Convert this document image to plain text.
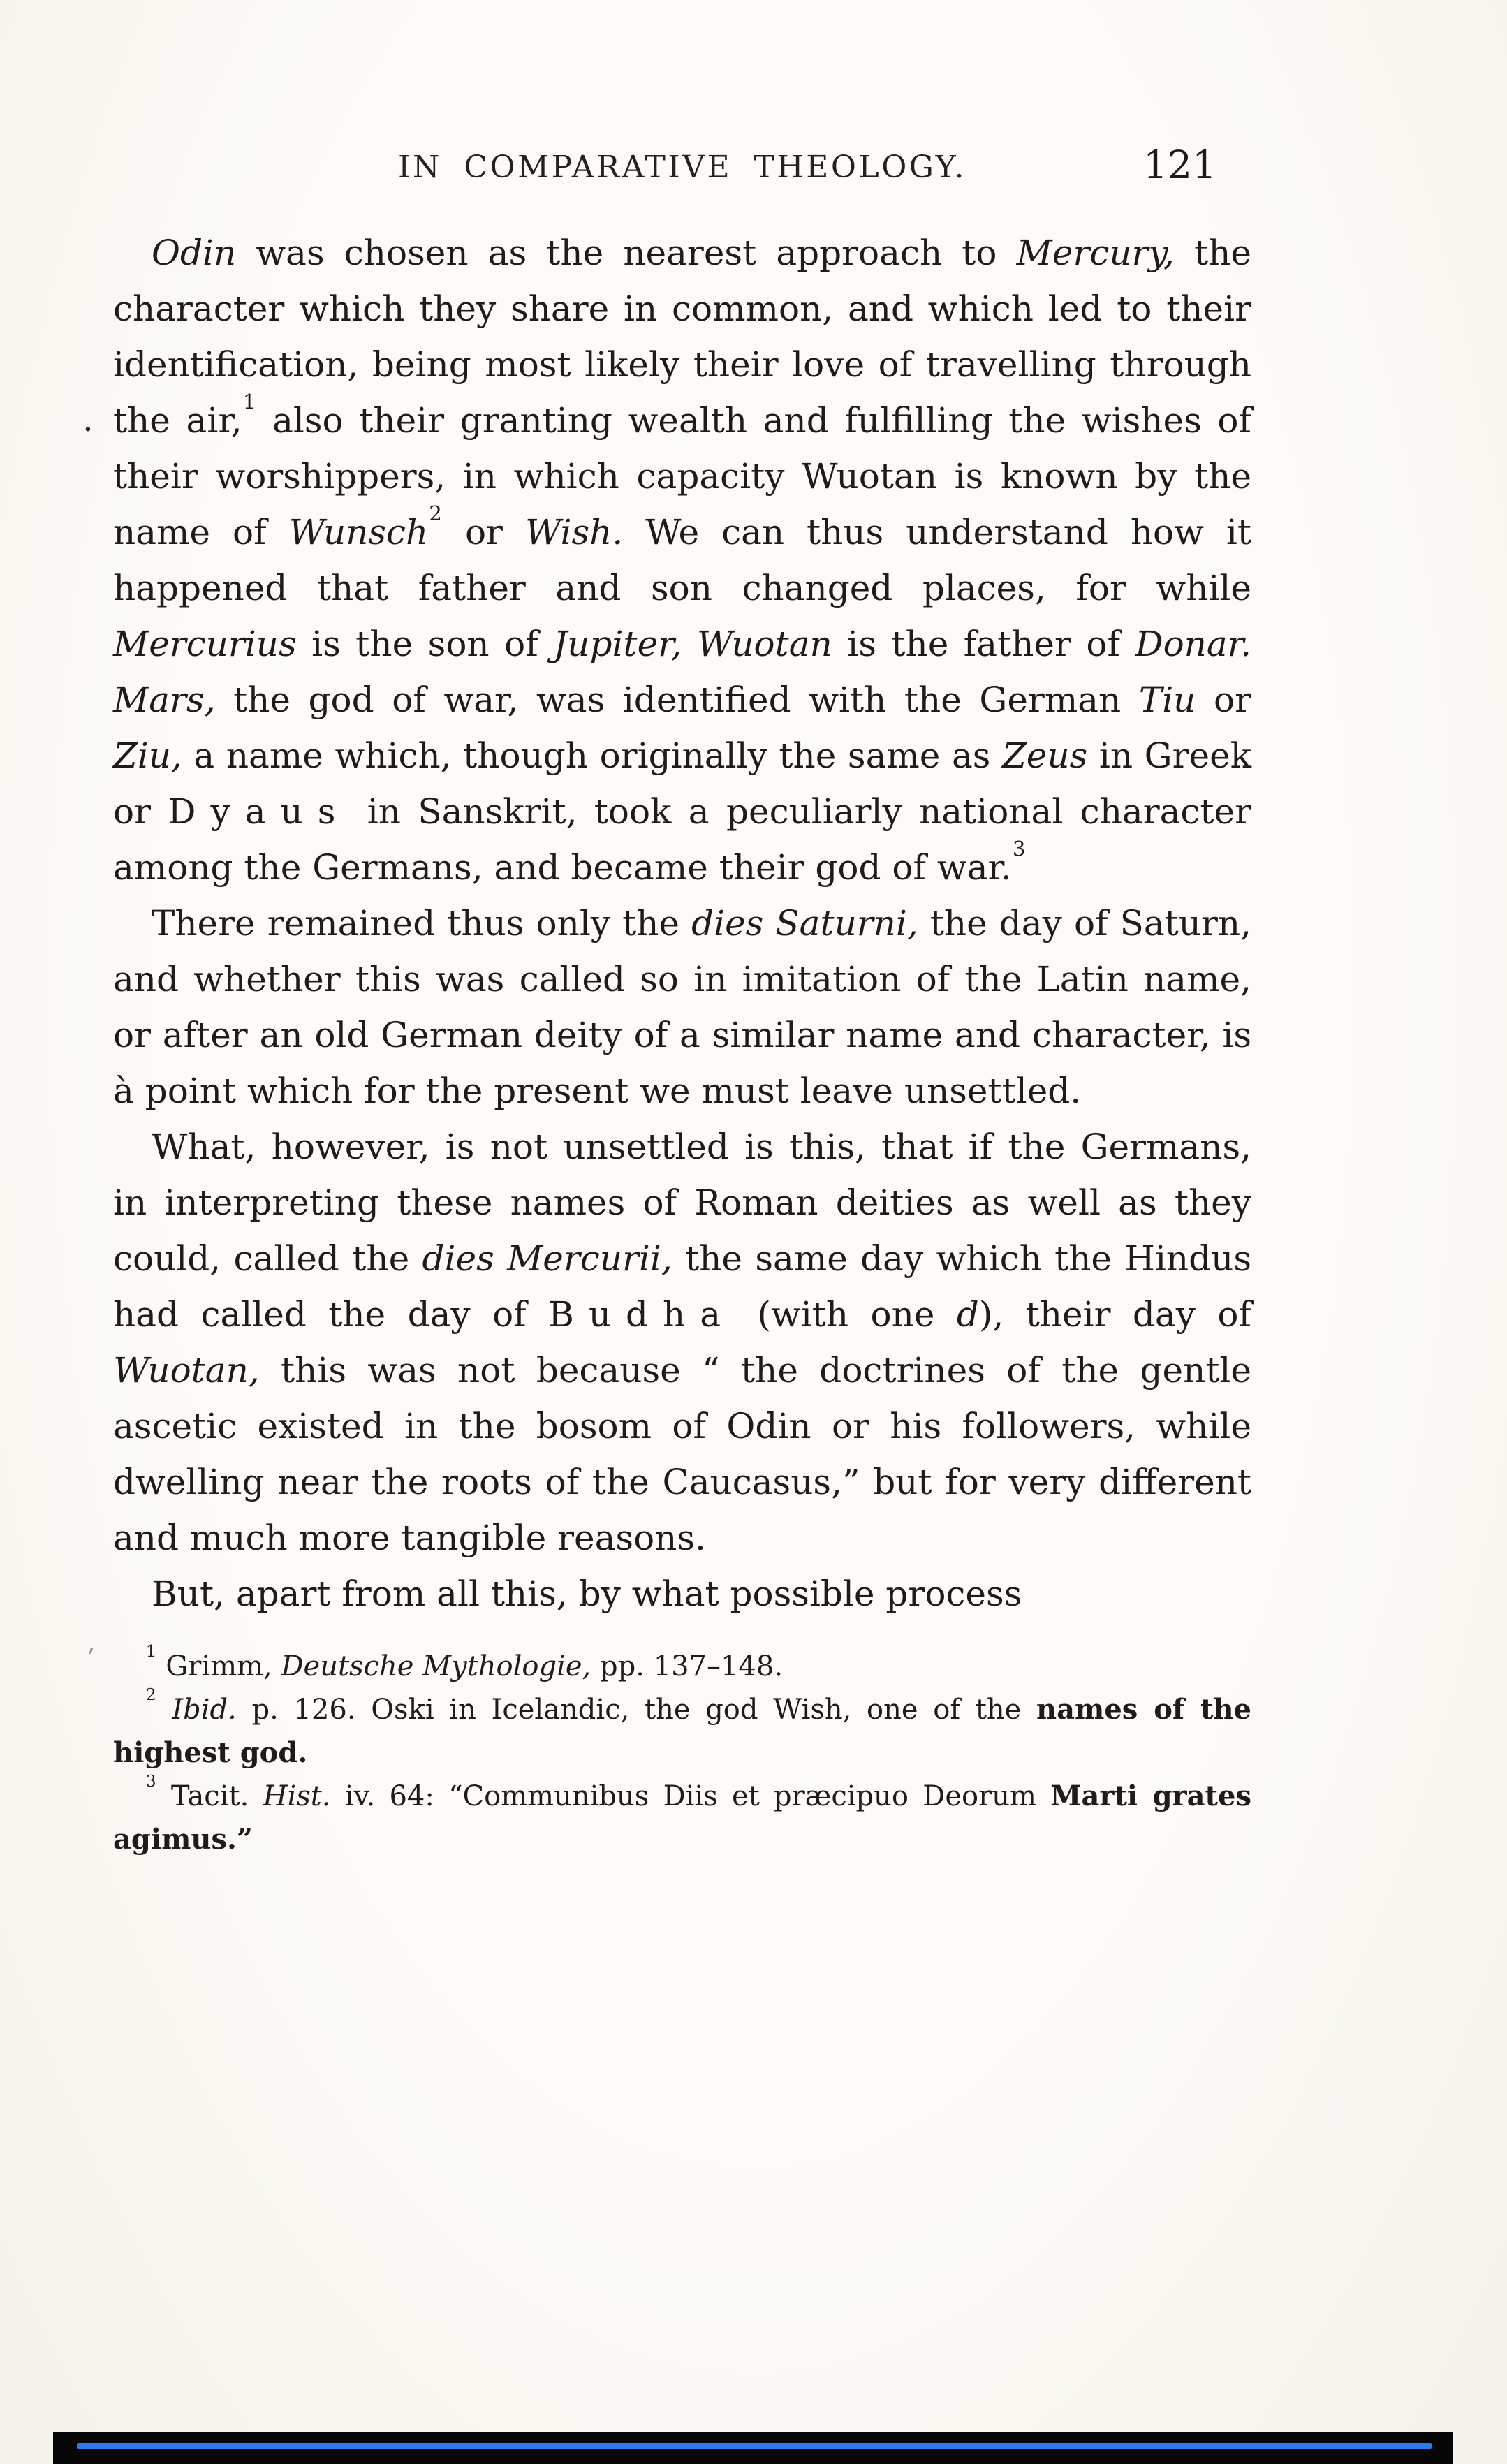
IN COMPARATIVE THEOLOGY.	121

Odin was chosen as the nearest approach to Mercury, the character which they share in common, and which led to their identification, being most likely their love of travelling through the air,$^1$ also their granting wealth and fulfilling the wishes of their worshippers, in which capacity Wuotan is known by the name of Wunsch$^2$ or Wish. We can thus understand how it happened that father and son changed places, for while Mercurius is the son of Jupiter, Wuotan is the father of Donar. Mars, the god of war, was identified with the German Tiu or Ziu, a name which, though originally the same as Zeus in Greek or Dyaus in Sanskrit, took a peculiarly national character among the Germans, and became their god of war.$^3$

There remained thus only the dies Saturni, the day of Saturn, and whether this was called so in imitation of the Latin name, or after an old German deity of a similar name and character, is à point which for the present we must leave unsettled.

What, however, is not unsettled is this, that if the Germans, in interpreting these names of Roman deities as well as they could, called the dies Mercurii, the same day which the Hindus had called the day of Budha (with one d), their day of Wuotan, this was not because “ the doctrines of the gentle ascetic existed in the bosom of Odin or his followers, while dwelling near the roots of the Caucasus,” but for very different and much more tangible reasons.

But, apart from all this, by what possible process

$^1$ Grimm, Deutsche Mythologie, pp. 137–148.

$^2$ Ibid. p. 126. Oski in Icelandic, the god Wish, one of the names of the highest god.

$^3$ Tacit. Hist. iv. 64: “Communibus Diis et præcipuo Deorum Marti grates agimus.”

.
’
